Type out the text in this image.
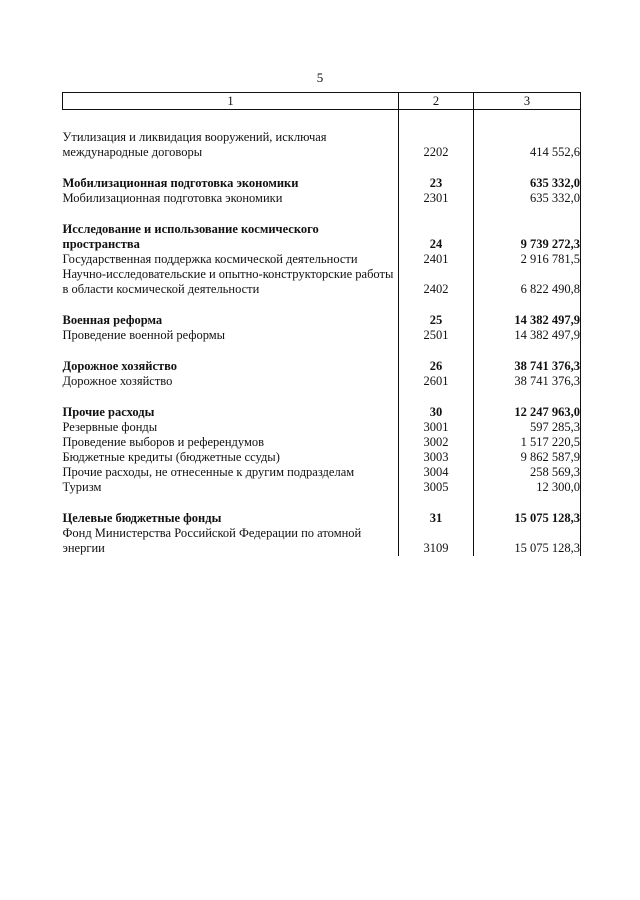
5
1	2	3

Утилизация и ликвидация вооружений, исключая международные договоры	2202	414 552,6

Мобилизационная подготовка экономики	23	635 332,0
Мобилизационная подготовка экономики	2301	635 332,0

Исследование и использование космического пространства	24	9 739 272,3
Государственная поддержка космической деятельности	2401	2 916 781,5
Научно-исследовательские и опытно-конструкторские работы в области космической деятельности	2402	6 822 490,8

Военная реформа	25	14 382 497,9
Проведение военной реформы	2501	14 382 497,9

Дорожное хозяйство	26	38 741 376,3
Дорожное хозяйство	2601	38 741 376,3

Прочие расходы	30	12 247 963,0
Резервные фонды	3001	597 285,3
Проведение выборов и референдумов	3002	1 517 220,5
Бюджетные кредиты (бюджетные ссуды)	3003	9 862 587,9
Прочие расходы, не отнесенные к другим подразделам	3004	258 569,3
Туризм	3005	12 300,0

Целевые бюджетные фонды	31	15 075 128,3
Фонд Министерства Российской Федерации по атомной энергии	3109	15 075 128,3
